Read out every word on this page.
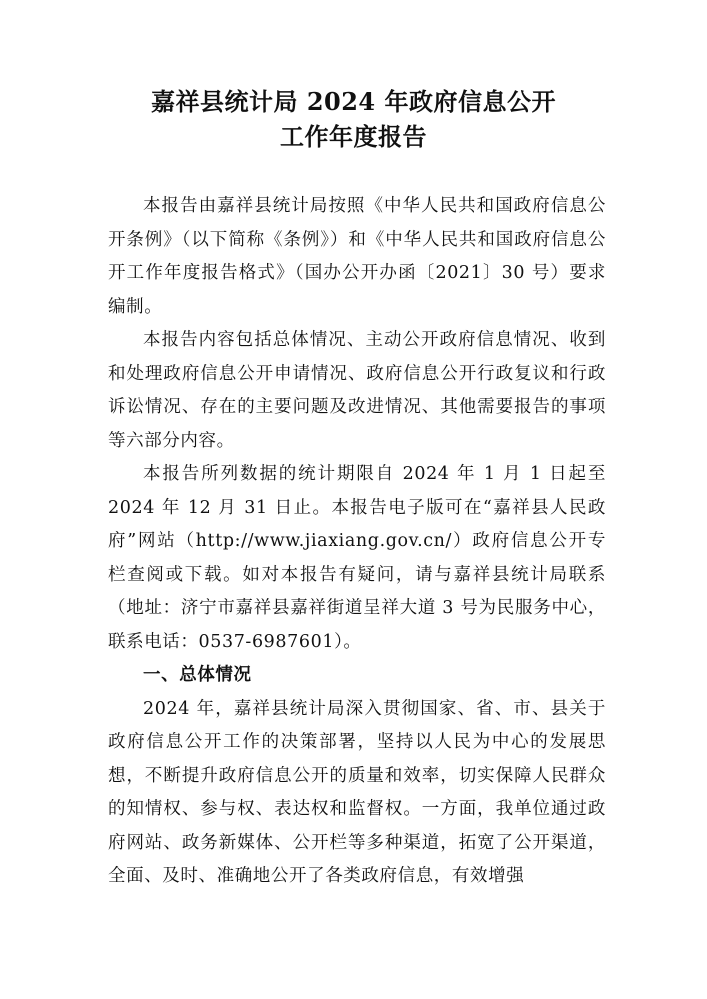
嘉祥县统计局 2024 年政府信息公开
工作年度报告

本报告由嘉祥县统计局按照《中华人民共和国政府信息公开条例》（以下简称《条例》）和《中华人民共和国政府信息公开工作年度报告格式》（国办公开办函〔2021〕30 号）要求编制。

本报告内容包括总体情况、主动公开政府信息情况、收到和处理政府信息公开申请情况、政府信息公开行政复议和行政诉讼情况、存在的主要问题及改进情况、其他需要报告的事项等六部分内容。

本报告所列数据的统计期限自 2024 年 1 月 1 日起至 2024 年 12 月 31 日止。本报告电子版可在“嘉祥县人民政府”网站（http://www.jiaxiang.gov.cn/）政府信息公开专栏查阅或下载。如对本报告有疑问，请与嘉祥县统计局联系（地址：济宁市嘉祥县嘉祥街道呈祥大道 3 号为民服务中心，联系电话：0537-6987601）。

一、总体情况

2024 年，嘉祥县统计局深入贯彻国家、省、市、县关于政府信息公开工作的决策部署，坚持以人民为中心的发展思想，不断提升政府信息公开的质量和效率，切实保障人民群众的知情权、参与权、表达权和监督权。一方面，我单位通过政府网站、政务新媒体、公开栏等多种渠道，拓宽了公开渠道，全面、及时、准确地公开了各类政府信息，有效增强
